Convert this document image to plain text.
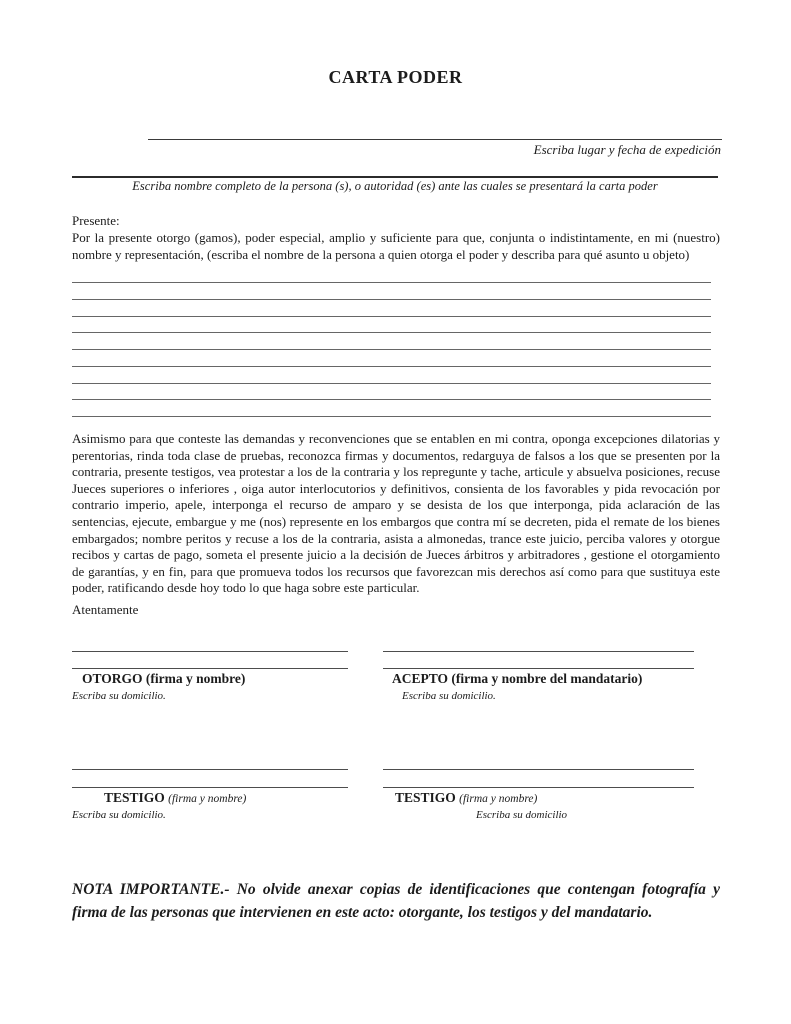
CARTA PODER
Escriba lugar y fecha de expedición
Escriba nombre completo de la persona (s), o autoridad (es) ante las cuales se presentará la carta poder
Presente:
Por la presente otorgo (gamos), poder especial, amplio y suficiente para que, conjunta o indistintamente, en mi (nuestro) nombre y representación, (escriba el nombre de la persona a quien otorga el poder y describa para qué asunto u objeto)
Asimismo para que conteste las demandas y reconvenciones que se entablen en mi contra, oponga excepciones dilatorias y perentorias, rinda toda clase de pruebas, reconozca firmas y documentos, redarguya de falsos a los que se presenten por la contraria, presente testigos, vea protestar a los de la contraria y los repregunte y tache, articule y absuelva posiciones, recuse Jueces superiores o inferiores , oiga autor interlocutorios y definitivos, consienta de los favorables y pida revocación por contrario imperio, apele, interponga el recurso de amparo y se desista de los que interponga, pida aclaración de las sentencias, ejecute, embargue y me (nos) represente en los embargos que contra mí se decreten, pida el remate de los bienes embargados; nombre peritos y recuse a los de la contraria, asista a almonedas, trance este juicio, perciba valores y otorgue recibos y cartas de pago, someta el presente juicio a la decisión de Jueces árbitros y arbitradores , gestione el otorgamiento de garantías, y en fin, para que promueva todos los recursos que favorezcan mis derechos así como para que sustituya este poder, ratificando desde hoy todo lo que haga sobre este particular.
Atentamente
OTORGO (firma y nombre)	ACEPTO (firma y nombre del mandatario)
Escriba su domicilio.	Escriba su domicilio.
TESTIGO (firma y nombre)	TESTIGO (firma y nombre)
Escriba su domicilio.	Escriba su domicilio
NOTA IMPORTANTE.- No olvide anexar copias de identificaciones que contengan fotografía y firma de las personas que intervienen en este acto: otorgante, los testigos y del mandatario.
